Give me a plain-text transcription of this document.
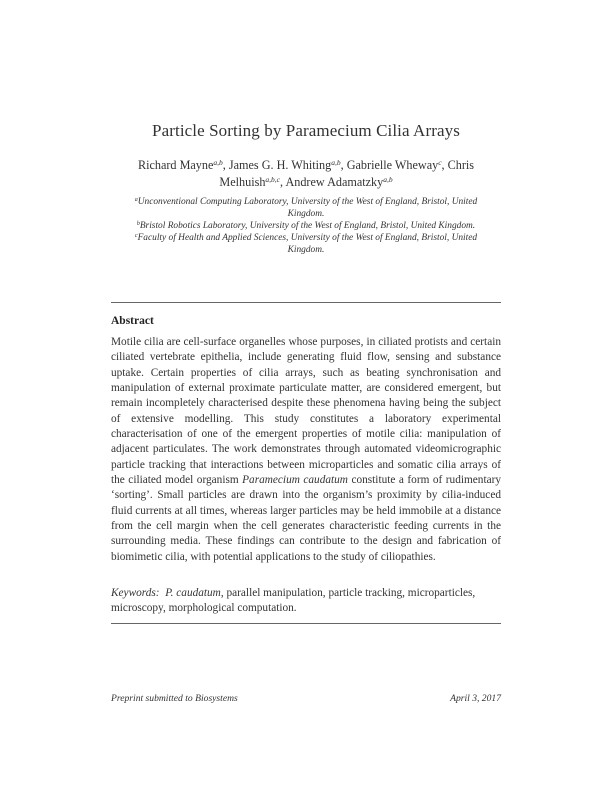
Particle Sorting by Paramecium Cilia Arrays
Richard Mayne$^{a,b}$, James G. H. Whiting$^{a,b}$, Gabrielle Wheway$^c$, Chris Melhuish$^{a,b,c}$, Andrew Adamatzky$^{a,b}$

$^a$Unconventional Computing Laboratory, University of the West of England, Bristol, United Kingdom.

$^b$Bristol Robotics Laboratory, University of the West of England, Bristol, United Kingdom.

$^c$Faculty of Health and Applied Sciences, University of the West of England, Bristol, United Kingdom.

Abstract

Motile cilia are cell-surface organelles whose purposes, in ciliated protists and certain ciliated vertebrate epithelia, include generating fluid flow, sensing and substance uptake. Certain properties of cilia arrays, such as beating synchronisation and manipulation of external proximate particulate matter, are considered emergent, but remain incompletely characterised despite these phenomena having being the subject of extensive modelling. This study constitutes a laboratory experimental characterisation of one of the emergent properties of motile cilia: manipulation of adjacent particulates. The work demonstrates through automated videomicrographic particle tracking that interactions between microparticles and somatic cilia arrays of the ciliated model organism Paramecium caudatum constitute a form of rudimentary ‘sorting’. Small particles are drawn into the organism’s proximity by cilia-induced fluid currents at all times, whereas larger particles may be held immobile at a distance from the cell margin when the cell generates characteristic feeding currents in the surrounding media. These findings can contribute to the design and fabrication of biomimetic cilia, with potential applications to the study of ciliopathies.

Keywords: P. caudatum, parallel manipulation, particle tracking, microparticles, microscopy, morphological computation.

Preprint submitted to Biosystems	April 3, 2017
